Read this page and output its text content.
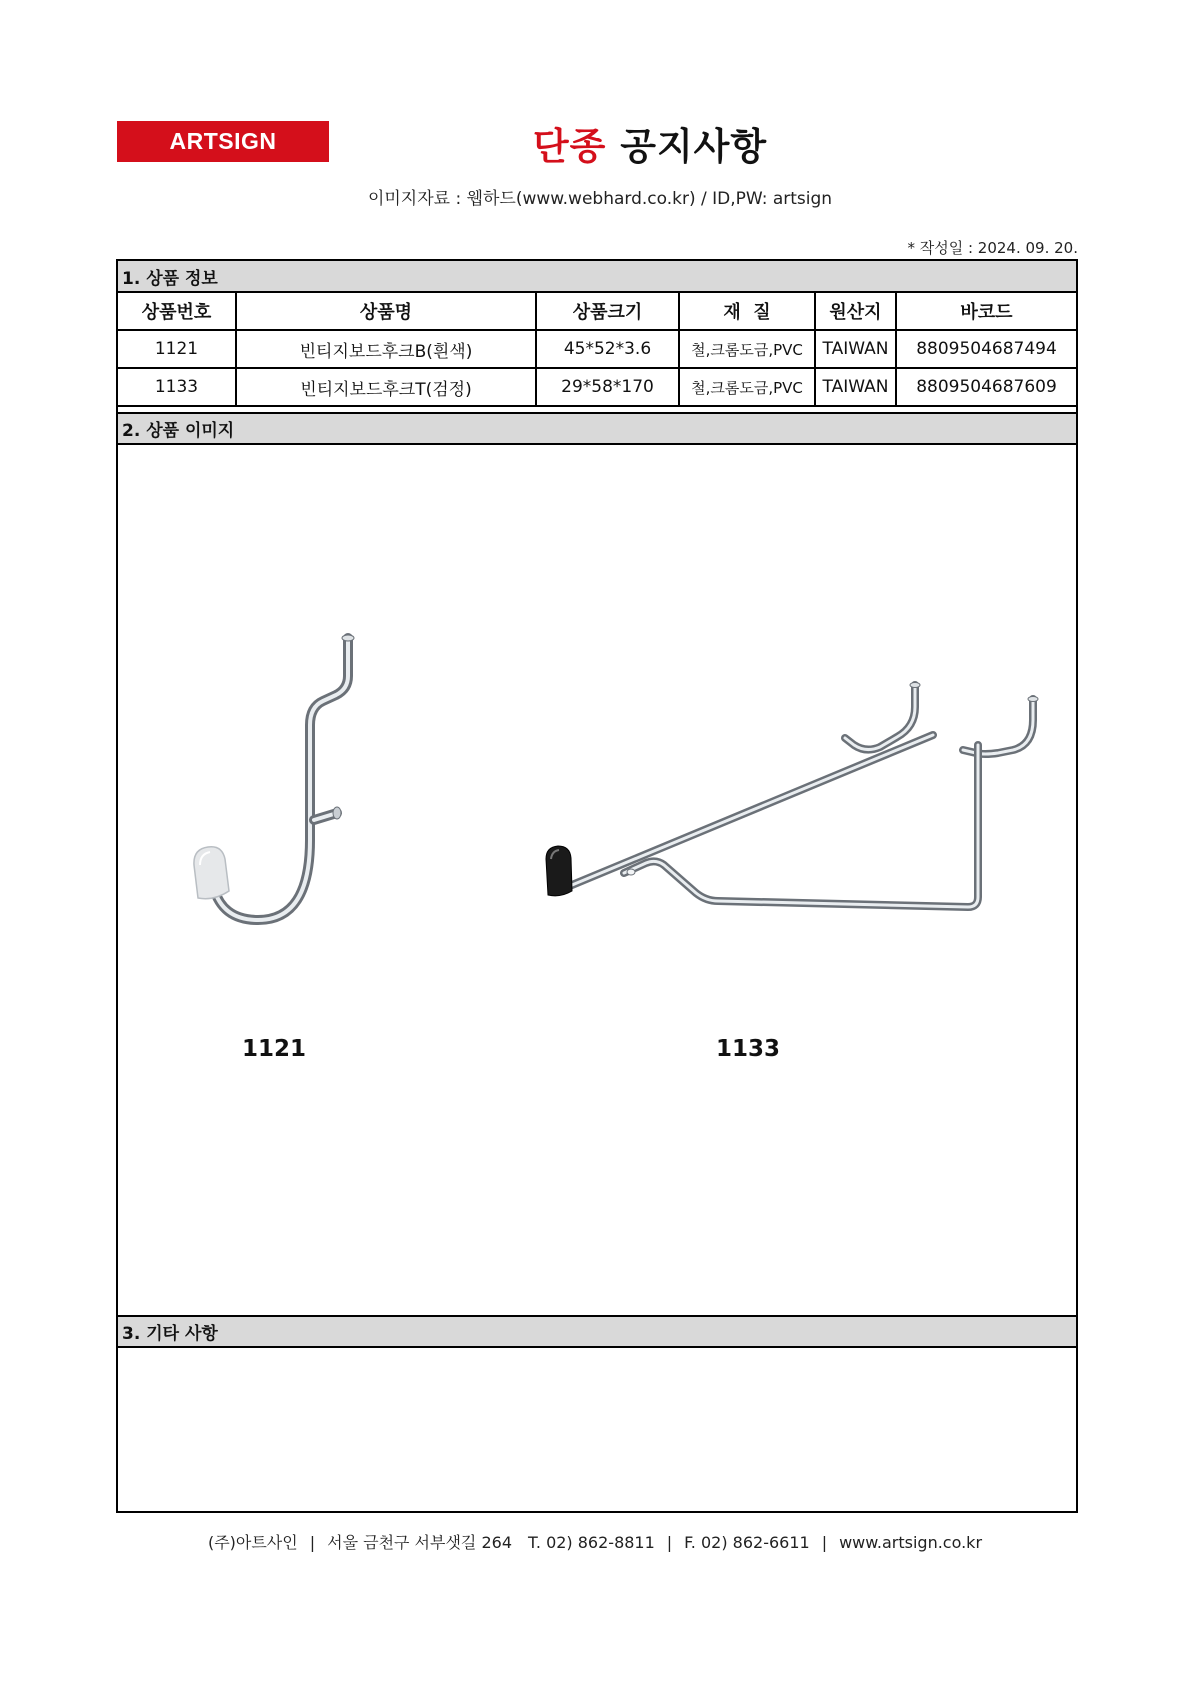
ARTSIGN	단종 공지사항
이미지자료 : 웹하드(www.webhard.co.kr) / ID,PW: artsign
* 작성일 : 2024. 09. 20.
1. 상품 정보
상품번호	상품명	상품크기	재  질	원산지	바코드
1121	빈티지보드후크B(흰색)	45*52*3.6	철,크롬도금,PVC	TAIWAN	8809504687494
1133	빈티지보드후크T(검정)	29*58*170	철,크롬도금,PVC	TAIWAN	8809504687609
2. 상품 이미지
1121	1133
3. 기타 사항
(주)아트사인 | 서울 금천구 서부샛길 264 T. 02) 862-8811 | F. 02) 862-6611 | www.artsign.co.kr
